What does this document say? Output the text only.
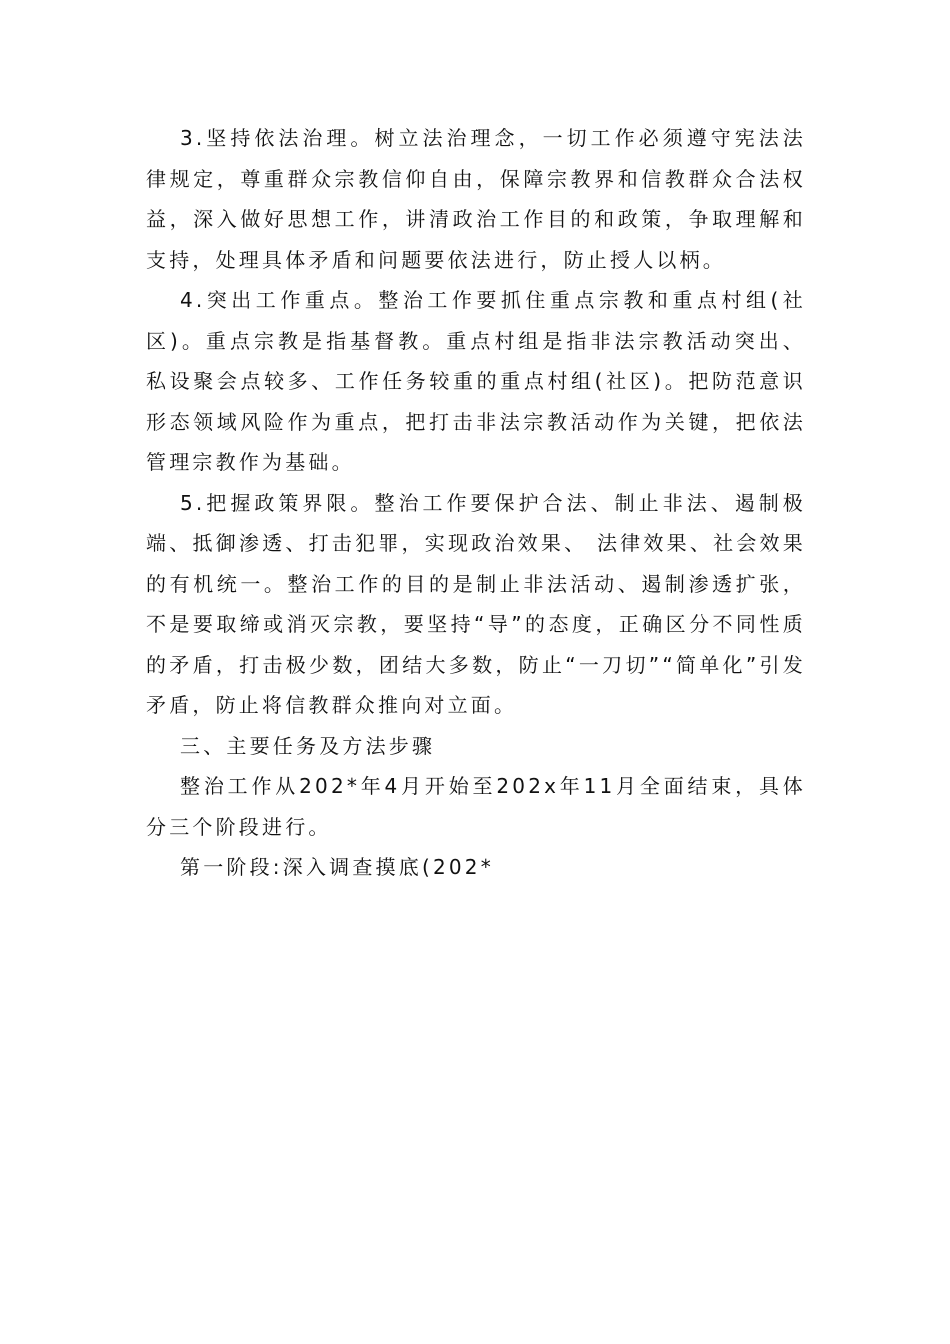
3.坚持依法治理。树立法治理念，一切工作必须遵守宪法法律规定，尊重群众宗教信仰自由，保障宗教界和信教群众合法权益，深入做好思想工作，讲清政治工作目的和政策，争取理解和支持，处理具体矛盾和问题要依法进行，防止授人以柄。

4.突出工作重点。整治工作要抓住重点宗教和重点村组(社区)。重点宗教是指基督教。重点村组是指非法宗教活动突出、私设聚会点较多、工作任务较重的重点村组(社区)。把防范意识形态领域风险作为重点，把打击非法宗教活动作为关键，把依法管理宗教作为基础。

5.把握政策界限。整治工作要保护合法、制止非法、遏制极端、抵御渗透、打击犯罪，实现政治效果、 法律效果、社会效果的有机统一。整治工作的目的是制止非法活动、遏制渗透扩张，不是要取缔或消灭宗教，要坚持“导”的态度，正确区分不同性质的矛盾，打击极少数，团结大多数，防止“一刀切”“简单化”引发矛盾，防止将信教群众推向对立面。

三、主要任务及方法步骤

整治工作从202*年4月开始至202x年11月全面结束，具体分三个阶段进行。

第一阶段:深入调查摸底(202*
